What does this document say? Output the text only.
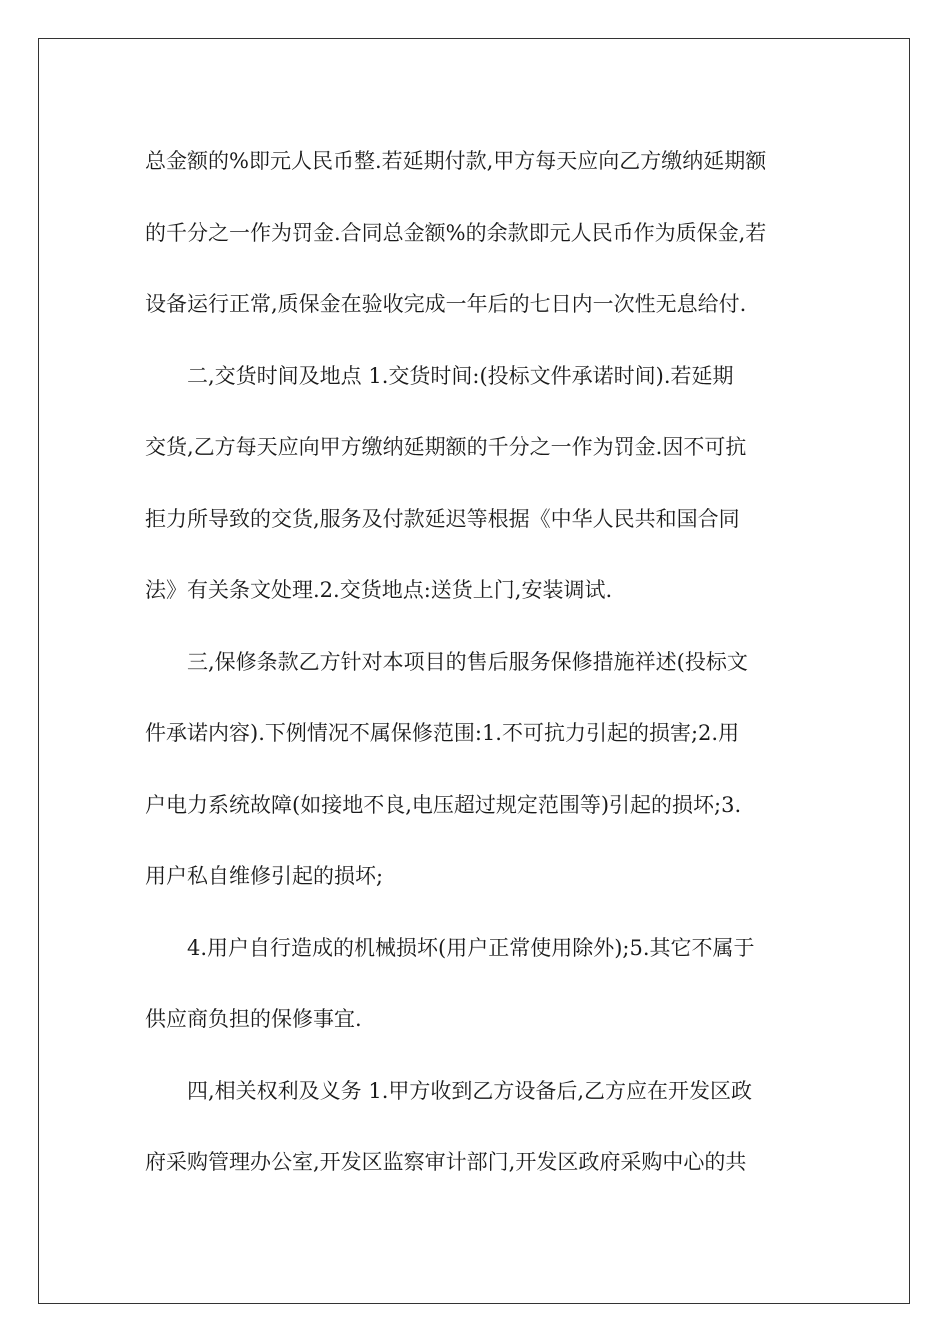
总金额的%即元人民币整.若延期付款,甲方每天应向乙方缴纳延期额
的千分之一作为罚金.合同总金额%的余款即元人民币作为质保金,若
设备运行正常,质保金在验收完成一年后的七日内一次性无息给付.

二,交货时间及地点 1.交货时间:(投标文件承诺时间).若延期
交货,乙方每天应向甲方缴纳延期额的千分之一作为罚金.因不可抗
拒力所导致的交货,服务及付款延迟等根据《中华人民共和国合同
法》有关条文处理.2.交货地点:送货上门,安装调试.

三,保修条款乙方针对本项目的售后服务保修措施祥述(投标文
件承诺内容).下例情况不属保修范围:1.不可抗力引起的损害;2.用
户电力系统故障(如接地不良,电压超过规定范围等)引起的损坏;3.
用户私自维修引起的损坏;

4.用户自行造成的机械损坏(用户正常使用除外);5.其它不属于
供应商负担的保修事宜.

四,相关权利及义务 1.甲方收到乙方设备后,乙方应在开发区政
府采购管理办公室,开发区监察审计部门,开发区政府采购中心的共
